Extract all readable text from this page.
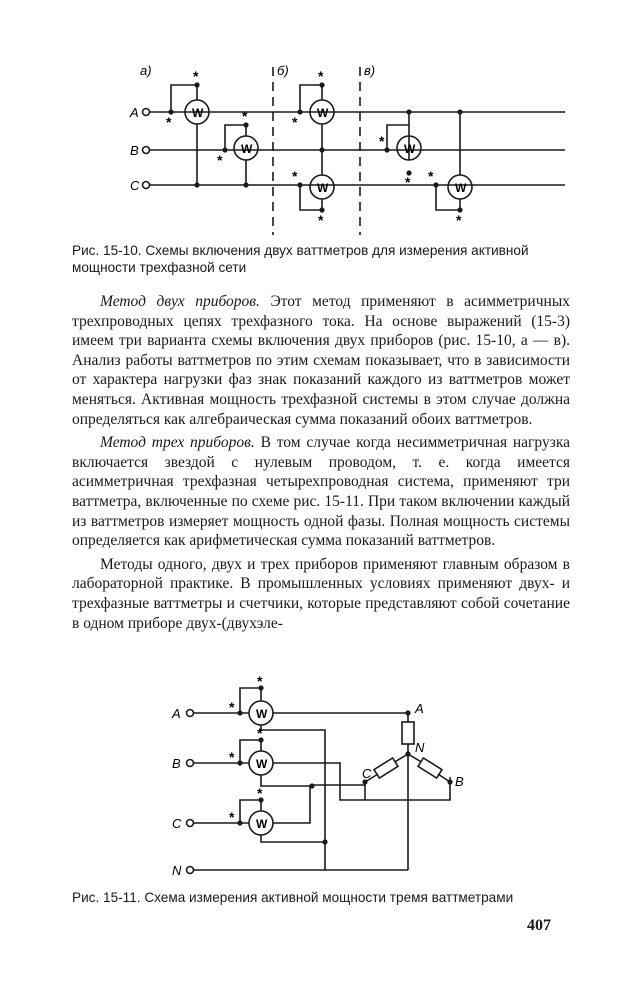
а)	б)	в)
A
B
C
W
W
W
W
W
W
*
*	*
*
*
*
*
*
*
* *
*
Рис. 15-10. Схемы включения двух ваттметров для измерения активной мощности трехфазной сети

Метод двух приборов. Этот метод применяют в асимметричных трехпроводных цепях трехфазного тока. На основе выражений (15-3) имеем три варианта схемы включения двух приборов (рис. 15-10, а — в). Анализ работы ваттметров по этим схемам показывает, что в зависимости от характера нагрузки фаз знак показаний каждого из ваттметров может меняться. Активная мощность трехфазной системы в этом случае должна определяться как алгебраическая сумма показаний обоих ваттметров.

Метод трех приборов. В том случае когда несимметричная нагрузка включается звездой с нулевым проводом, т. е. когда имеется асимметричная трехфазная четырехпроводная система, применяют три ваттметра, включенные по схеме рис. 15-11. При таком включении каждый из ваттметров измеряет мощность одной фазы. Полная мощность системы определяется как арифметическая сумма показаний ваттметров.

Методы одного, двух и трех приборов применяют главным образом в лабораторной практике. В промышленных условиях применяют двух- и трехфазные ваттметры и счетчики, которые представляют собой сочетание в одном приборе двух-(двухэле-

A
B
C
N
W
W
W
*
*
*
*
*
*
A
N
C
B
Рис. 15-11. Схема измерения активной мощности тремя ваттметрами
407
